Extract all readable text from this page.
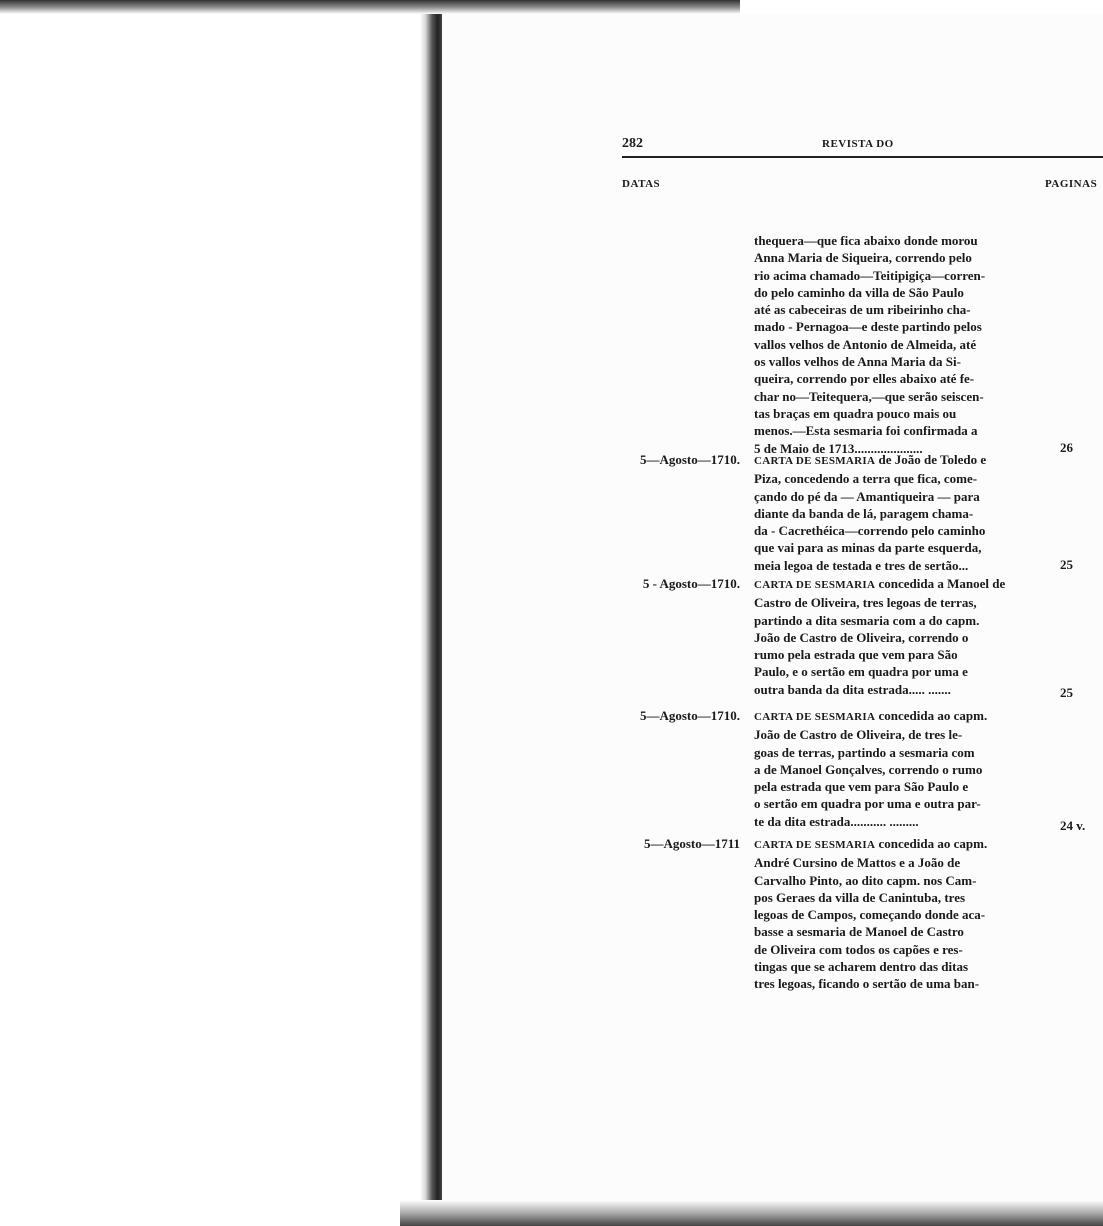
282	REVISTA DO
DATAS	PAGINAS
thequera—que fica abaixo donde morou
Anna Maria de Siqueira, correndo pelo
rio acima chamado—Teitipigiça—corren-
do pelo caminho da villa de São Paulo
até as cabeceiras de um ribeirinho cha-
mado - Pernagoa—e deste partindo pelos
vallos velhos de Antonio de Almeida, até
os vallos velhos de Anna Maria da Si-
queira, correndo por elles abaixo até fe-
char no—Teitequera,—que serão seiscen-
tas braças em quadra pouco mais ou
menos.—Esta sesmaria foi confirmada a
5 de Maio de 1713.....................	26
5—Agosto—1710. CARTA DE SESMARIA de João de Toledo e
Piza, concedendo a terra que fica, come-
çando do pé da — Amantiqueira — para
diante da banda de lá, paragem chama-
da - Cacrethéica—correndo pelo caminho
que vai para as minas da parte esquerda,
meia legoa de testada e tres de sertão...	25
5 - Agosto—1710. CARTA DE SESMARIA concedida a Manoel de
Castro de Oliveira, tres legoas de terras,
partindo a dita sesmaria com a do capm.
João de Castro de Oliveira, correndo o
rumo pela estrada que vem para São
Paulo, e o sertão em quadra por uma e
outra banda da dita estrada..... .......	25
5—Agosto—1710. CARTA DE SESMARIA concedida ao capm.
João de Castro de Oliveira, de tres le-
goas de terras, partindo a sesmaria com
a de Manoel Gonçalves, correndo o rumo
pela estrada que vem para São Paulo e
o sertão em quadra por uma e outra par-
te da dita estrada........... .........	24 v.
5—Agosto—1711 CARTA DE SESMARIA concedida ao capm.
André Cursino de Mattos e a João de
Carvalho Pinto, ao dito capm. nos Cam-
pos Geraes da villa de Canintuba, tres
legoas de Campos, começando donde aca-
basse a sesmaria de Manoel de Castro
de Oliveira com todos os capões e res-
tingas que se acharem dentro das ditas
tres legoas, ficando o sertão de uma ban-
